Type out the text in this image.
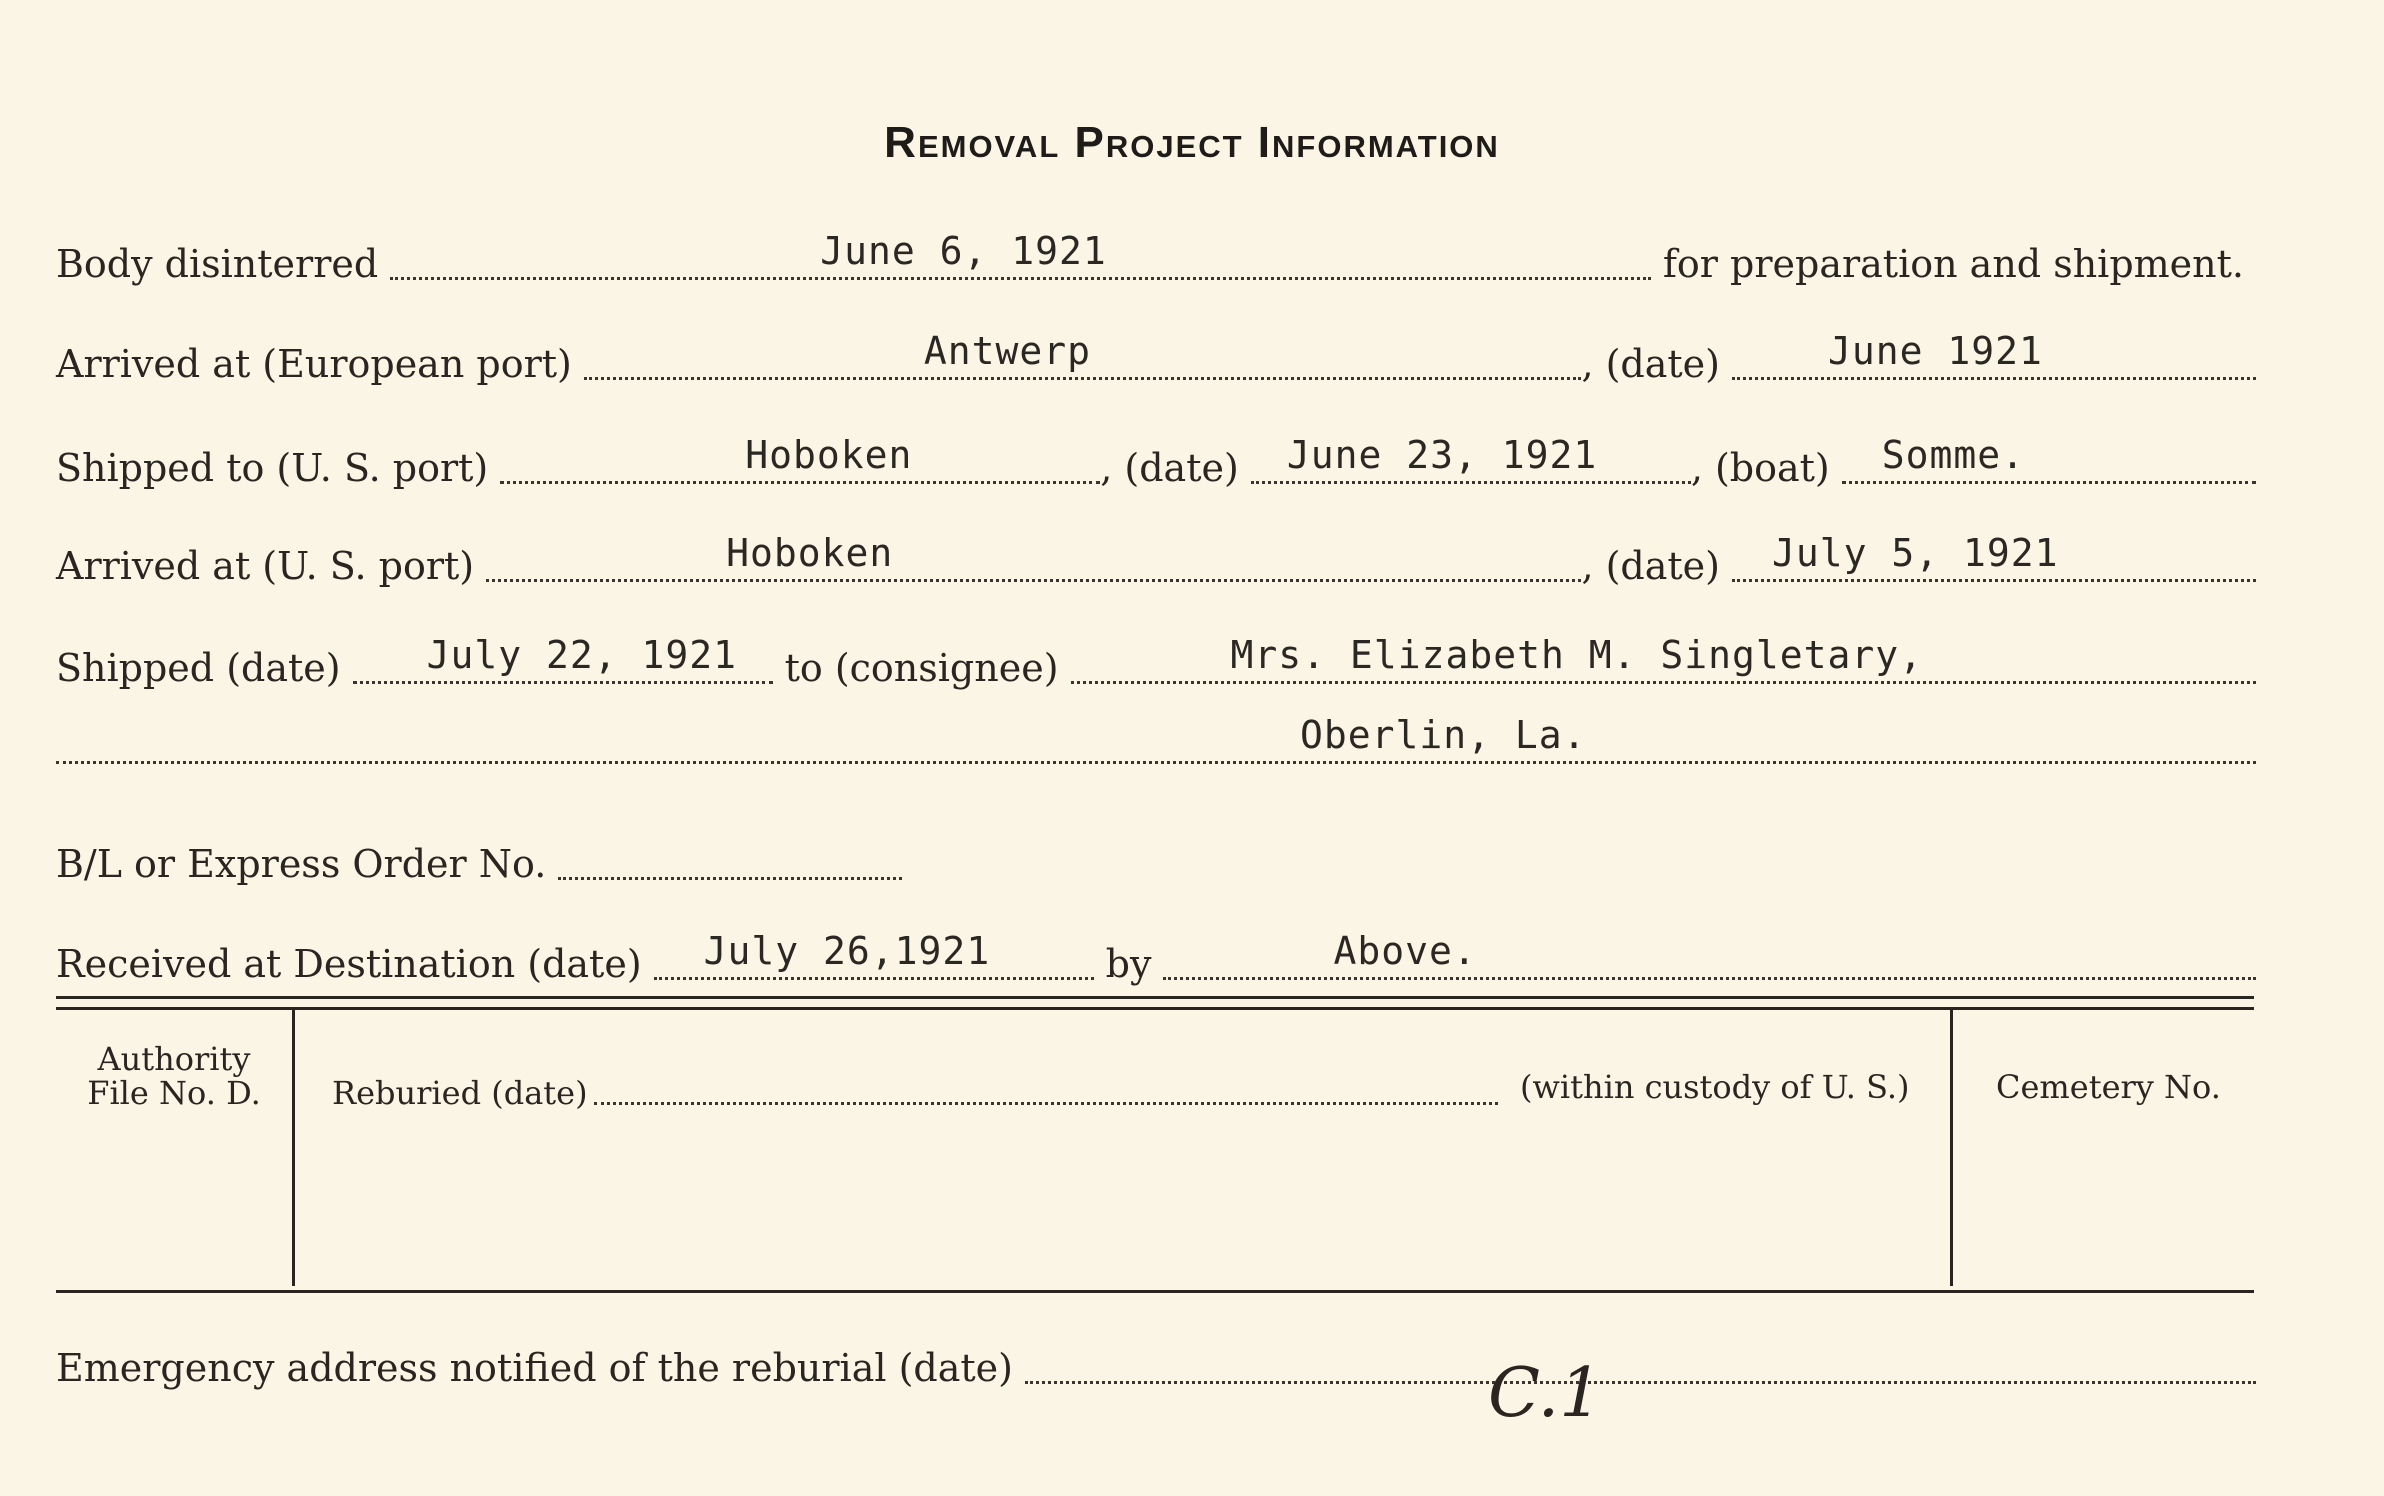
Removal Project Information
Body disinterred	June 6, 1921	for preparation and shipment.
Arrived at (European port)	Antwerp	, (date)	June 1921
Shipped to (U. S. port)	Hoboken	, (date)	June 23, 1921 , (boat)	Somme.
Arrived at (U. S. port)	Hoboken	, (date)	July 5, 1921
Shipped (date)	July 22, 1921	to (consignee)	Mrs. Elizabeth M. Singletary,
Oberlin, La.
B/L or Express Order No.
Received at Destination (date)	July 26,1921	by	Above.
Authority
File No. D.	Reburied (date)	(within custody of U. S.)	Cemetery No.
Emergency address notified of the reburial (date)	C.1
